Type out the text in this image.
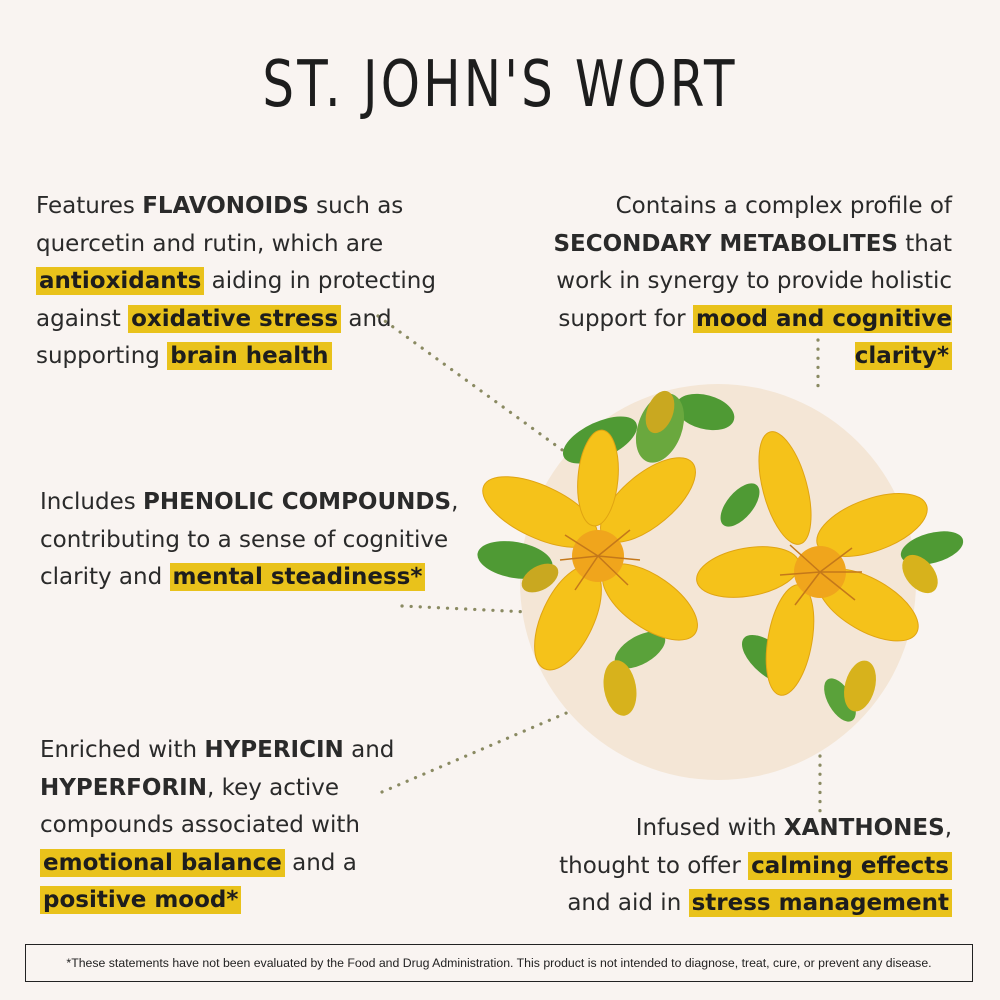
ST. JOHN'S WORT
Features FLAVONOIDS such as quercetin and rutin, which are antioxidants aiding in protecting against oxidative stress and supporting brain health
Contains a complex profile of SECONDARY METABOLITES that work in synergy to provide holistic support for mood and cognitive clarity*
Includes PHENOLIC COMPOUNDS, contributing to a sense of cognitive clarity and mental steadiness*
Enriched with HYPERICIN and HYPERFORIN, key active compounds associated with emotional balance and a positive mood*
Infused with XANTHONES, thought to offer calming effects and aid in stress management
*These statements have not been evaluated by the Food and Drug Administration. This product is not intended to diagnose, treat, cure, or prevent any disease.
